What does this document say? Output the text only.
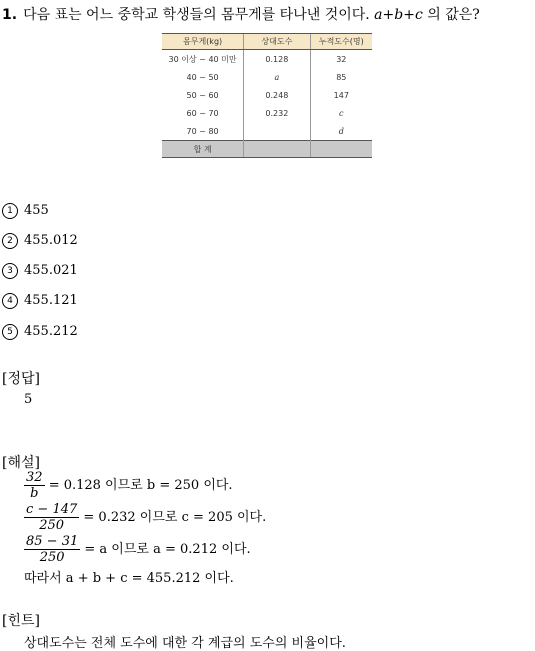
1. 다음 표는 어느 중학교 학생들의 몸무게를 타나낸 것이다. a+b+c 의 값은?
몸무게(kg)	상대도수	누적도수(명)
30 이상 ~ 40 미만	0.128	32
40 ~ 50	a	85
50 ~ 60	0.248	147
60 ~ 70	0.232	c
70 ~ 80		d
합 계		
1 455
2 455.012
3 455.021
4 455.121
5 455.212
[정답]
5
[해설]
$\frac{32}{b} = 0.128$ 이므로 b = 250 이다.
$\frac{c - 147}{250} = 0.232$ 이므로 c = 205 이다.
$\frac{85 - 31}{250} = a$ 이므로 a = 0.212 이다.
따라서 a + b + c = 455.212 이다.
[힌트]
상대도수는 전체 도수에 대한 각 계급의 도수의 비율이다.
